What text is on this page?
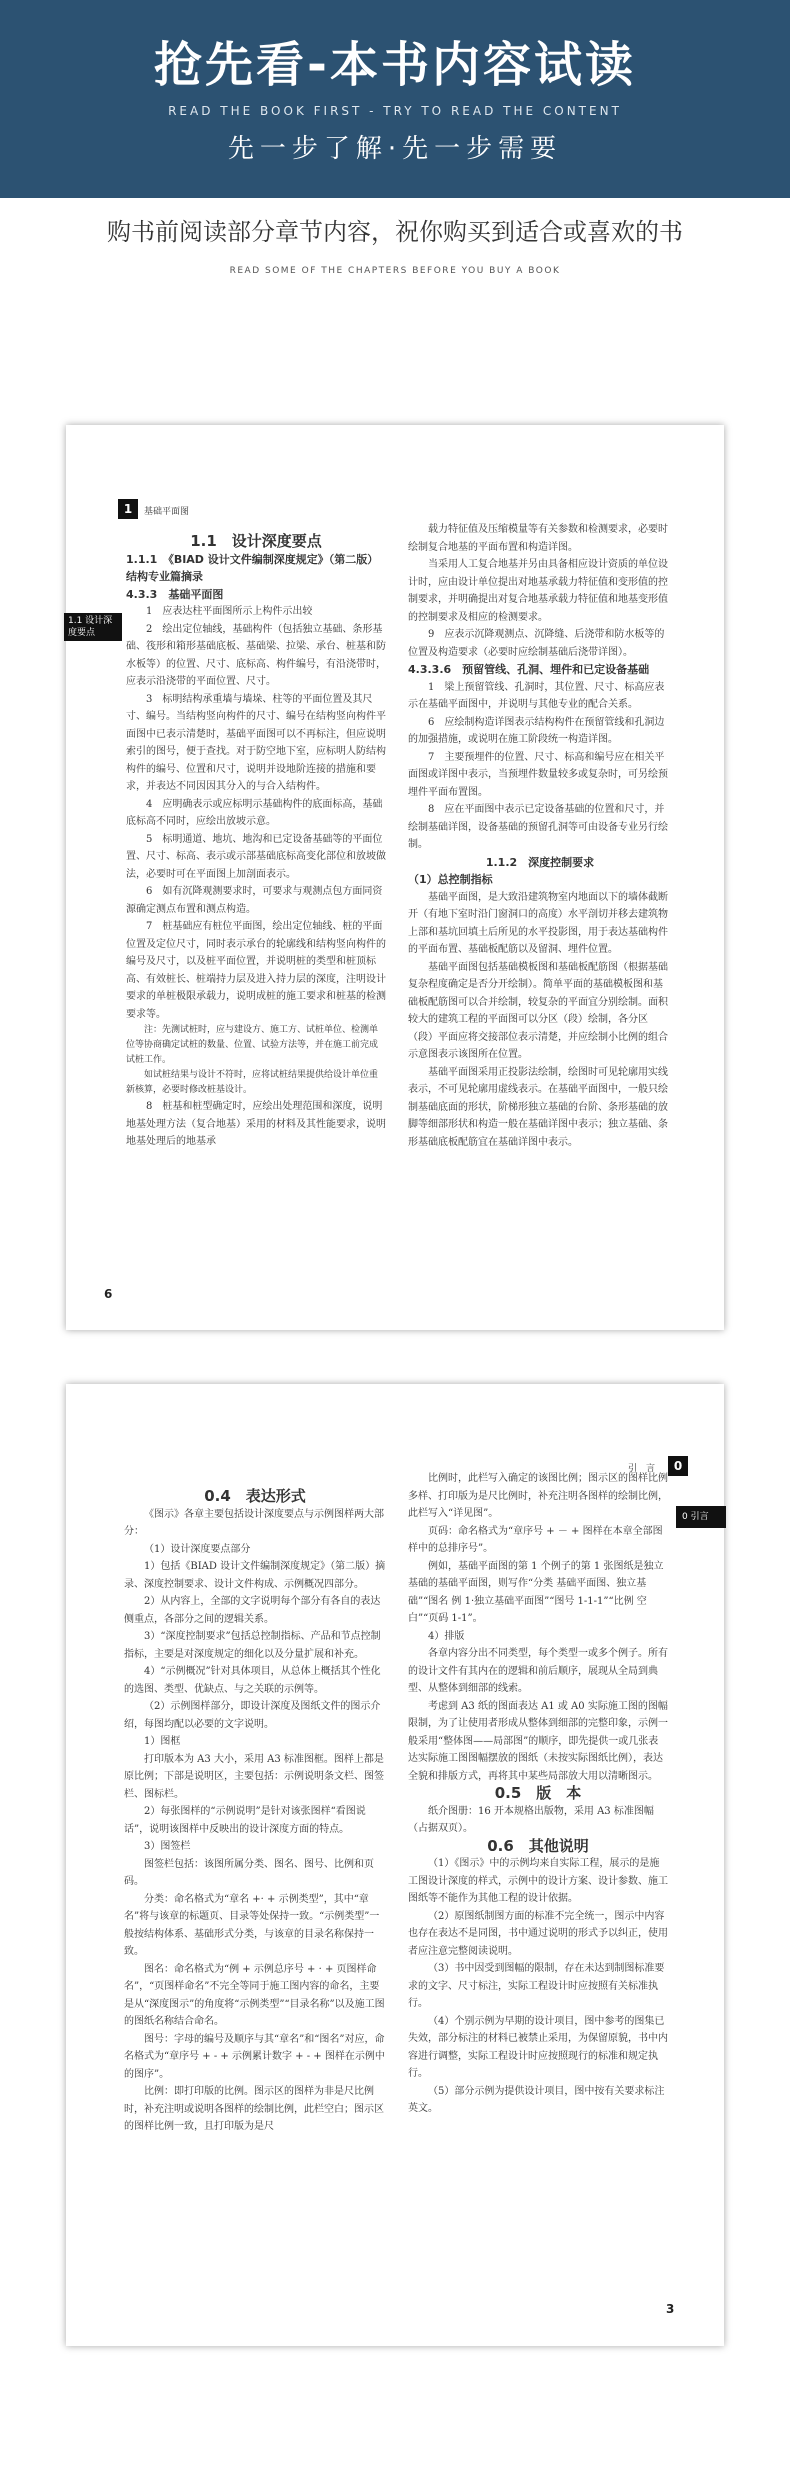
抢先看-本书内容试读
READ THE BOOK FIRST - TRY TO READ THE CONTENT
先一步了解·先一步需要
购书前阅读部分章节内容，祝你购买到适合或喜欢的书
READ SOME OF THE CHAPTERS BEFORE YOU BUY A BOOK
1	基础平面图
1.1 设计深度要点

1.1　设计深度要点

1.1.1　《BIAD 设计文件编制深度规定》（第二版）结构专业篇摘录

4.3.3　基础平面图

1　应表达柱平面图所示上构件示出较

2　绘出定位轴线，基础构件（包括独立基础、条形基础、筏形和箱形基础底板、基础梁、拉梁、承台、桩基和防水板等）的位置、尺寸、底标高、构件编号，有沿浇带时，应表示沿浇带的平面位置、尺寸。

3　标明结构承重墙与墙垛、柱等的平面位置及其尺寸、编号。当结构竖向构件的尺寸、编号在结构竖向构件平面图中已表示清楚时，基础平面图可以不再标注，但应说明索引的图号，便于查找。对于防空地下室，应标明人防结构构件的编号、位置和尺寸，说明并设地阶连接的措施和要求，并表达不同因因其分入的与合入结构件。

4　应明确表示或应标明示基础构件的底面标高，基础底标高不同时，应绘出放坡示意。

5　标明通道、地坑、地沟和已定设备基础等的平面位置、尺寸、标高、表示或示部基础底标高变化部位和放坡做法，必要时可在平面图上加剖面表示。

6　如有沉降观测要求时，可要求与观测点包方面同资源确定测点布置和测点构造。

7　桩基础应有桩位平面图，绘出定位轴线、桩的平面位置及定位尺寸，同时表示承台的轮廓线和结构竖向构件的编号及尺寸，以及桩平面位置，并说明桩的类型和桩顶标高、有效桩长、桩端持力层及进入持力层的深度，注明设计要求的单桩极限承载力，说明成桩的施工要求和桩基的检测要求等。

注：先测试桩时，应与建设方、施工方、试桩单位、检测单位等协商确定试桩的数量、位置、试验方法等，并在施工前完成试桩工作。

如试桩结果与设计不符时，应将试桩结果提供给设计单位重新核算，必要时修改桩基设计。

8　桩基和桩型确定时，应绘出处理范围和深度，说明地基处理方法（复合地基）采用的材料及其性能要求，说明地基处理后的地基承

载力特征值及压缩模量等有关参数和检测要求，必要时绘制复合地基的平面布置和构造详图。

当采用人工复合地基并另由具备相应设计资质的单位设计时，应由设计单位提出对地基承载力特征值和变形值的控制要求，并明确提出对复合地基承载力特征值和地基变形值的控制要求及相应的检测要求。

9　应表示沉降观测点、沉降缝、后浇带和防水板等的位置及构造要求（必要时应绘制基础后浇带详图）。

4.3.3.6　预留管线、孔洞、埋件和已定设备基础

1　梁上预留管线、孔洞时，其位置、尺寸、标高应表示在基础平面图中，并说明与其他专业的配合关系。

6　应绘制构造详图表示结构构件在预留管线和孔洞边的加强措施，或说明在施工阶段统一构造详图。

7　主要预埋件的位置、尺寸、标高和编号应在相关平面图或详图中表示，当预埋件数量较多或复杂时，可另绘预埋件平面布置图。

8　应在平面图中表示已定设备基础的位置和尺寸，并绘制基础详图，设备基础的预留孔洞等可由设备专业另行绘制。

1.1.2　深度控制要求

（1）总控制指标

基础平面图，是大致沿建筑物室内地面以下的墙体截断开（有地下室时沿门窗洞口的高度）水平剖切并移去建筑物上部和基坑回填土后所见的水平投影图，用于表达基础构件的平面布置、基础板配筋以及留洞、埋件位置。

基础平面图包括基础模板图和基础板配筋图（根据基础复杂程度确定是否分开绘制）。简单平面的基础模板图和基础板配筋图可以合并绘制，较复杂的平面宜分别绘制。面积较大的建筑工程的平面图可以分区（段）绘制，各分区（段）平面应将交接部位表示清楚，并应绘制小比例的组合示意图表示该图所在位置。

基础平面图采用正投影法绘制，绘图时可见轮廓用实线表示，不可见轮廓用虚线表示。在基础平面图中，一般只绘制基础底面的形状，阶梯形独立基础的台阶、条形基础的放脚等细部形状和构造一般在基础详图中表示；独立基础、条形基础底板配筋宜在基础详图中表示。

6
引　言	0
0 引言

0.4　表达形式

《图示》各章主要包括设计深度要点与示例图样两大部分：

（1）设计深度要点部分

1）包括《BIAD 设计文件编制深度规定》（第二版）摘录、深度控制要求、设计文件构成、示例概况四部分。

2）从内容上，全部的文字说明每个部分有各自的表达侧重点，各部分之间的逻辑关系。

3）“深度控制要求”包括总控制指标、产品和节点控制指标，主要是对深度规定的细化以及分量扩展和补充。

4）“示例概况”针对具体项目，从总体上概括其个性化的选图、类型、优缺点、与之关联的示例等。

（2）示例图样部分，即设计深度及图纸文件的图示介绍，每图均配以必要的文字说明。

1）图框

打印版本为 A3 大小，采用 A3 标准图框。图样上都是原比例；下部是说明区，主要包括：示例说明条文栏、图签栏、图标栏。

2）每张图样的“示例说明”是针对该张图样“看图说话”，说明该图样中反映出的设计深度方面的特点。

3）图签栏

图签栏包括：该图所属分类、图名、图号、比例和页码。

分类：命名格式为“章名 +· + 示例类型”，其中“章名”将与该章的标题页、目录等处保持一致。“示例类型”一般按结构体系、基础形式分类，与该章的目录名称保持一致。

图名：命名格式为“例 + 示例总序号 + · + 页图样命名”，“页图样命名”不完全等同于施工图内容的命名，主要是从“深度图示”的角度将“示例类型”“目录名称”以及施工图的图纸名称结合命名。

图号：字母的编号及顺序与其“章名”和“图名”对应，命名格式为“章序号 + - + 示例累计数字 + - + 图样在示例中的图序”。

比例：即打印版的比例。图示区的图样为非是尺比例时，补充注明或说明各图样的绘制比例，此栏空白；图示区的图样比例一致，且打印版为是尺

比例时，此栏写入确定的该图比例；图示区的图样比例多样、打印版为是尺比例时，补充注明各图样的绘制比例，此栏写入“详见图”。

页码：命名格式为“章序号 + － + 图样在本章全部图样中的总排序号”。

例如，基础平面图的第 1 个例子的第 1 张图纸是独立基础的基础平面图，则写作“分类 基础平面图、独立基础”“图名 例 1·独立基础平面图”“图号 1-1-1”“比例 空白”“页码 1-1”。

4）排版

各章内容分出不同类型，每个类型一或多个例子。所有的设计文件有其内在的逻辑和前后顺序，展现从全局到典型、从整体到细部的线索。

考虑到 A3 纸的图面表达 A1 或 A0 实际施工图的图幅限制，为了让使用者形成从整体到细部的完整印象，示例一般采用“整体图——局部图”的顺序，即先提供一或几张表达实际施工图图幅摆放的图纸（未按实际图纸比例），表达全貌和排版方式，再将其中某些局部放大用以清晰图示。

0.5　版　本

纸介图册：16 开本规格出版物，采用 A3 标准图幅（占据双页）。

0.6　其他说明

（1）《图示》中的示例均来自实际工程，展示的是施工图设计深度的样式，示例中的设计方案、设计参数、施工图纸等不能作为其他工程的设计依据。

（2）原图纸制图方面的标准不完全统一，图示中内容也存在表达不是同图，书中通过说明的形式予以纠正，使用者应注意完整阅读说明。

（3）书中因受到图幅的限制，存在未达到制图标准要求的文字、尺寸标注，实际工程设计时应按照有关标准执行。

（4）个别示例为早期的设计项目，图中参考的图集已失效，部分标注的材料已被禁止采用，为保留原貌，书中内容进行调整，实际工程设计时应按照现行的标准和规定执行。

（5）部分示例为提供设计项目，图中按有关要求标注英文。

3
